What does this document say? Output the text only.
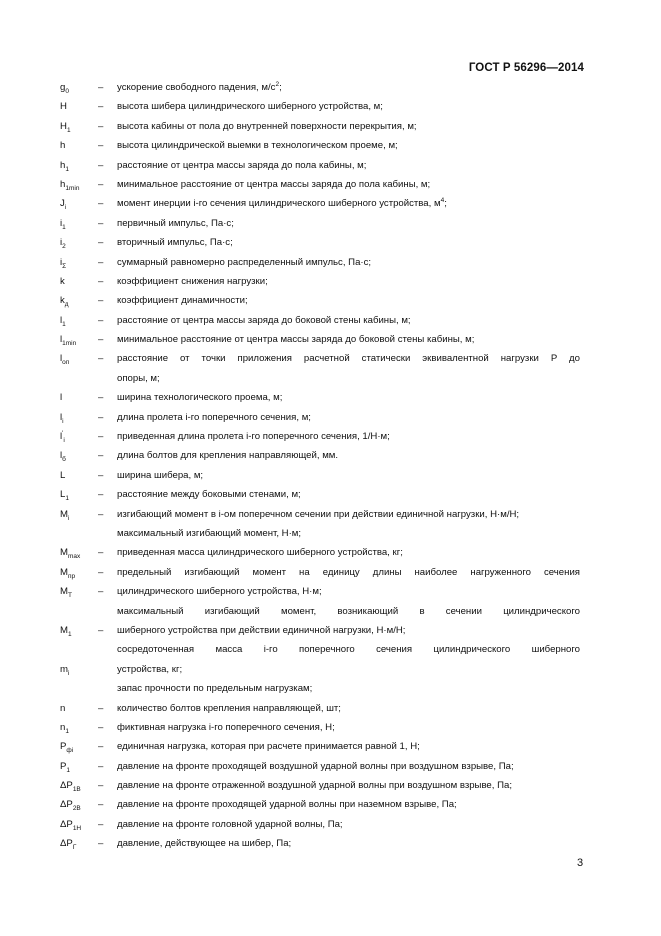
ГОСТ Р 56296—2014
$g_0$	– ускорение свободного падения, $м/с^2$;
H	– высота шибера цилиндрического шиберного устройства, м;
$H_1$	– высота кабины от пола до внутренней поверхности перекрытия, м;
h	– высота цилиндрической выемки в технологическом проеме, м;
$h_1$	– расстояние от центра массы заряда до пола кабины, м;
$h_{1min}$ – минимальное расстояние от центра массы заряда до пола кабины, м;
$J_i$	– момент инерции i-го сечения цилиндрического шиберного устройства, $м^4$;
$i_1$	– первичный импульс, Па·с;
$i_2$	– вторичный импульс, Па·с;
$i_\Sigma$	– суммарный равномерно распределенный импульс, Па·с;
k	– коэффициент снижения нагрузки;
$k_д$	– коэффициент динамичности;
$l_1$	– расстояние от центра массы заряда до боковой стены кабины, м;
$l_{1min}$ – минимальное расстояние от центра массы заряда до боковой стены кабины, м;
$l_{оп}$	– расстояние от точки приложения расчетной статически эквивалентной нагрузки P до
опоры, м;
l	– ширина технологического проема, м;
$l_i$	– длина пролета i-го поперечного сечения, м;
$l'_i$	– приведенная длина пролета i-го поперечного сечения, 1/Н·м;
$l_б$	– длина болтов для крепления направляющей, мм.
L	– ширина шибера, м;
$L_1$	– расстояние между боковыми стенами, м;
$M_i$	– изгибающий момент в i-ом поперечном сечении при действии единичной нагрузки, Н·м/Н;
максимальный изгибающий момент, Н·м;
$M_{max}$ – приведенная масса цилиндрического шиберного устройства, кг;
$M_{пр}$ – предельный изгибающий момент на единицу длины наиболее нагруженного сечения
$M_T$	– цилиндрического шиберного устройства, Н·м;
максимальный изгибающий момент, возникающий в сечении цилиндрического
$M_1$	– шиберного устройства при действии единичной нагрузки, Н·м/Н;
сосредоточенная масса i-го поперечного сечения цилиндрического шиберного
$m_i$	устройства, кг;
запас прочности по предельным нагрузкам;
n	– количество болтов крепления направляющей, шт;
$n_1$	– фиктивная нагрузка i-го поперечного сечения, Н;
$P_{фi}$	– единичная нагрузка, которая при расчете принимается равной 1, Н;
$P_1$	– давление на фронте проходящей воздушной ударной волны при воздушном взрыве, Па;
$\Delta P_{1В}$ – давление на фронте отраженной воздушной ударной волны при воздушном взрыве, Па;
$\Delta P_{2В}$ – давление на фронте проходящей ударной волны при наземном взрыве, Па;
$\Delta P_{1Н}$ – давление на фронте головной ударной волны, Па;
$\Delta P_Г$ – давление, действующее на шибер, Па;
3
